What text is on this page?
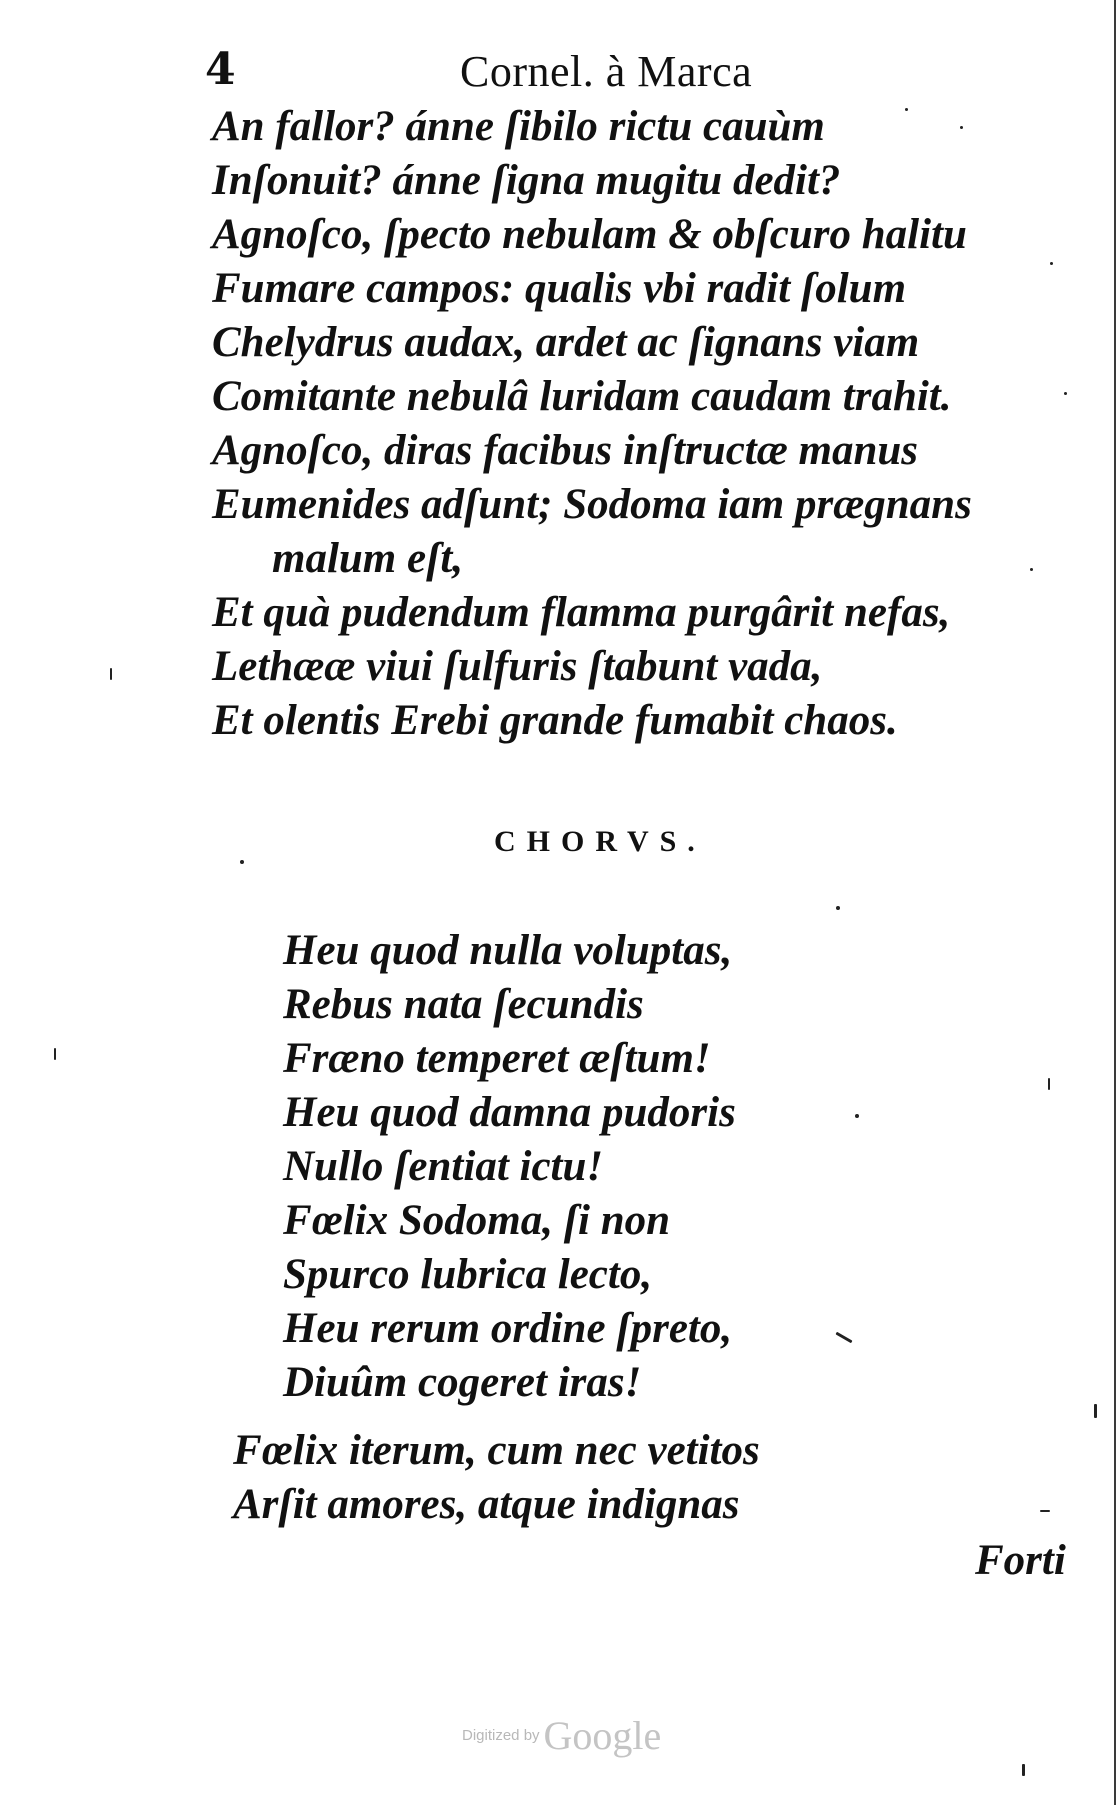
4	Cornel. à Marca
An fallor? ánne ſibilo rictu cauùm
Inſonuit? ánne ſigna mugitu dedit?
Agnoſco, ſpecto nebulam & obſcuro halitu
Fumare campos: qualis vbi radit ſolum
Chelydrus audax, ardet ac ſignans viam
Comitante nebulâ luridam caudam trahit.
Agnoſco, diras facibus inſtructæ manus
Eumenides adſunt; Sodoma iam prægnans
malum eſt,
Et quà pudendum flamma purgârit nefas,
Lethææ viui ſulfuris ſtabunt vada,
Et olentis Erebi grande fumabit chaos.
CHORVS.
Heu quod nulla voluptas,
Rebus nata ſecundis
Fræno temperet æſtum!
Heu quod damna pudoris
Nullo ſentiat ictu!
Fœlix Sodoma, ſi non
Spurco lubrica lecto,
Heu rerum ordine ſpreto,
Diuûm cogeret iras!
Fœlix iterum, cum nec vetitos
Arſit amores, atque indignas
Forti
Digitized by Google
